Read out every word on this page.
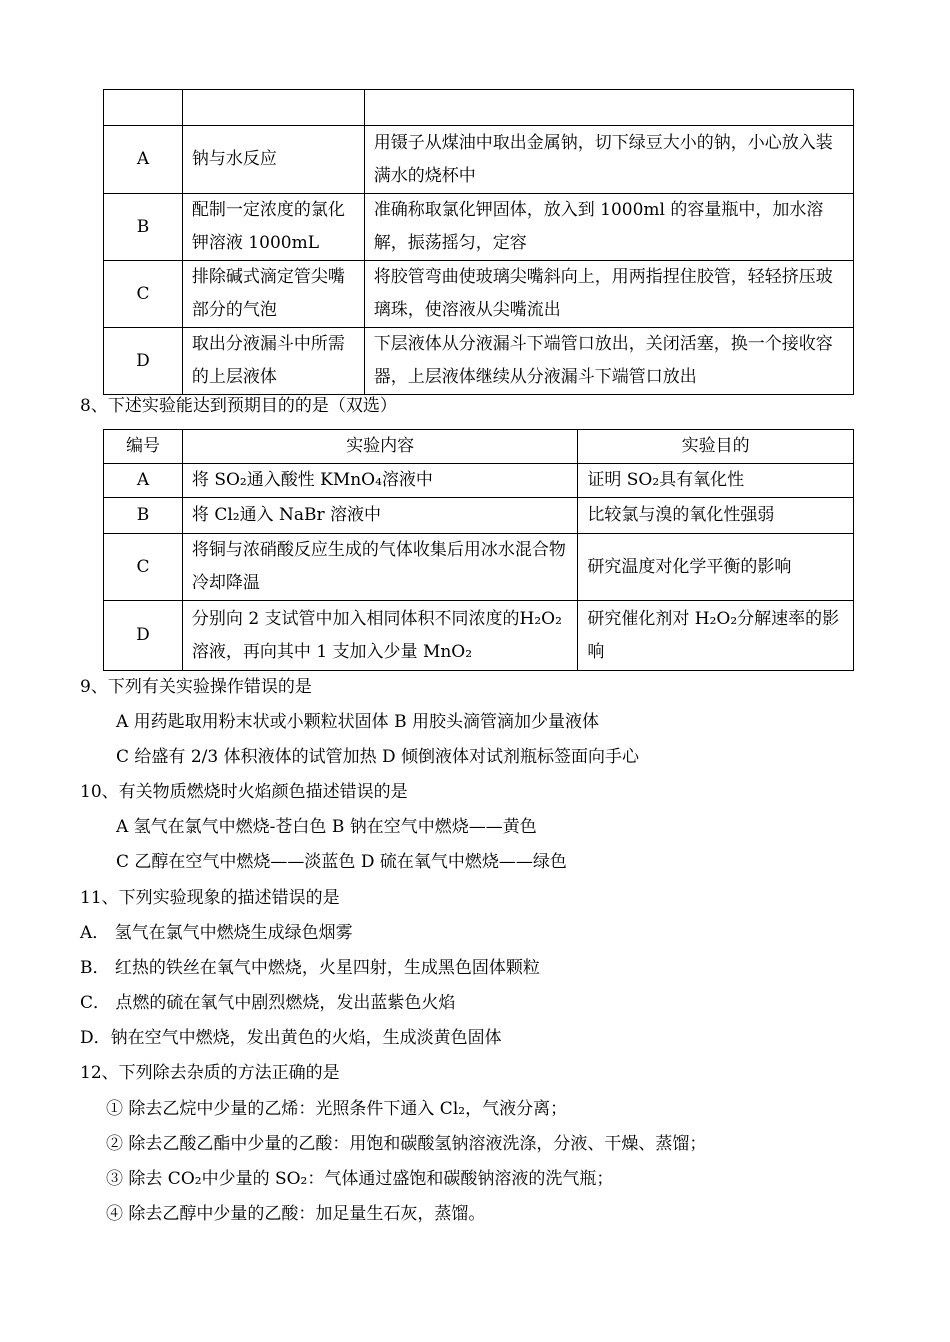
A	钠与水反应	用镊子从煤油中取出金属钠，切下绿豆大小的钠，小心放入装满水的烧杯中
B	配制一定浓度的氯化钾溶液 1000mL	准确称取氯化钾固体，放入到 1000ml 的容量瓶中，加水溶解，振荡摇匀，定容
C	排除碱式滴定管尖嘴部分的气泡	将胶管弯曲使玻璃尖嘴斜向上，用两指捏住胶管，轻轻挤压玻璃珠，使溶液从尖嘴流出
D	取出分液漏斗中所需的上层液体	下层液体从分液漏斗下端管口放出，关闭活塞，换一个接收容器，上层液体继续从分液漏斗下端管口放出
8、下述实验能达到预期目的的是（双选）
编号	实验内容	实验目的
A	将 SO₂通入酸性 KMnO₄溶液中	证明 SO₂具有氧化性
B	将 Cl₂通入 NaBr 溶液中	比较氯与溴的氧化性强弱
C	将铜与浓硝酸反应生成的气体收集后用冰水混合物冷却降温	研究温度对化学平衡的影响
D	分别向 2 支试管中加入相同体积不同浓度的H₂O₂溶液，再向其中 1 支加入少量 MnO₂	研究催化剂对 H₂O₂分解速率的影响
9、下列有关实验操作错误的是
A 用药匙取用粉末状或小颗粒状固体 B 用胶头滴管滴加少量液体
C 给盛有 2/3 体积液体的试管加热 D 倾倒液体对试剂瓶标签面向手心
10、有关物质燃烧时火焰颜色描述错误的是
A 氢气在氯气中燃烧-苍白色 B 钠在空气中燃烧——黄色
C 乙醇在空气中燃烧——淡蓝色 D 硫在氧气中燃烧——绿色
11、下列实验现象的描述错误的是
A． 氢气在氯气中燃烧生成绿色烟雾
B． 红热的铁丝在氧气中燃烧，火星四射，生成黑色固体颗粒
C． 点燃的硫在氧气中剧烈燃烧，发出蓝紫色火焰
D．钠在空气中燃烧，发出黄色的火焰，生成淡黄色固体
12、下列除去杂质的方法正确的是
① 除去乙烷中少量的乙烯：光照条件下通入 Cl₂，气液分离；
② 除去乙酸乙酯中少量的乙酸：用饱和碳酸氢钠溶液洗涤，分液、干燥、蒸馏；
③ 除去 CO₂中少量的 SO₂：气体通过盛饱和碳酸钠溶液的洗气瓶；
④ 除去乙醇中少量的乙酸：加足量生石灰，蒸馏。
